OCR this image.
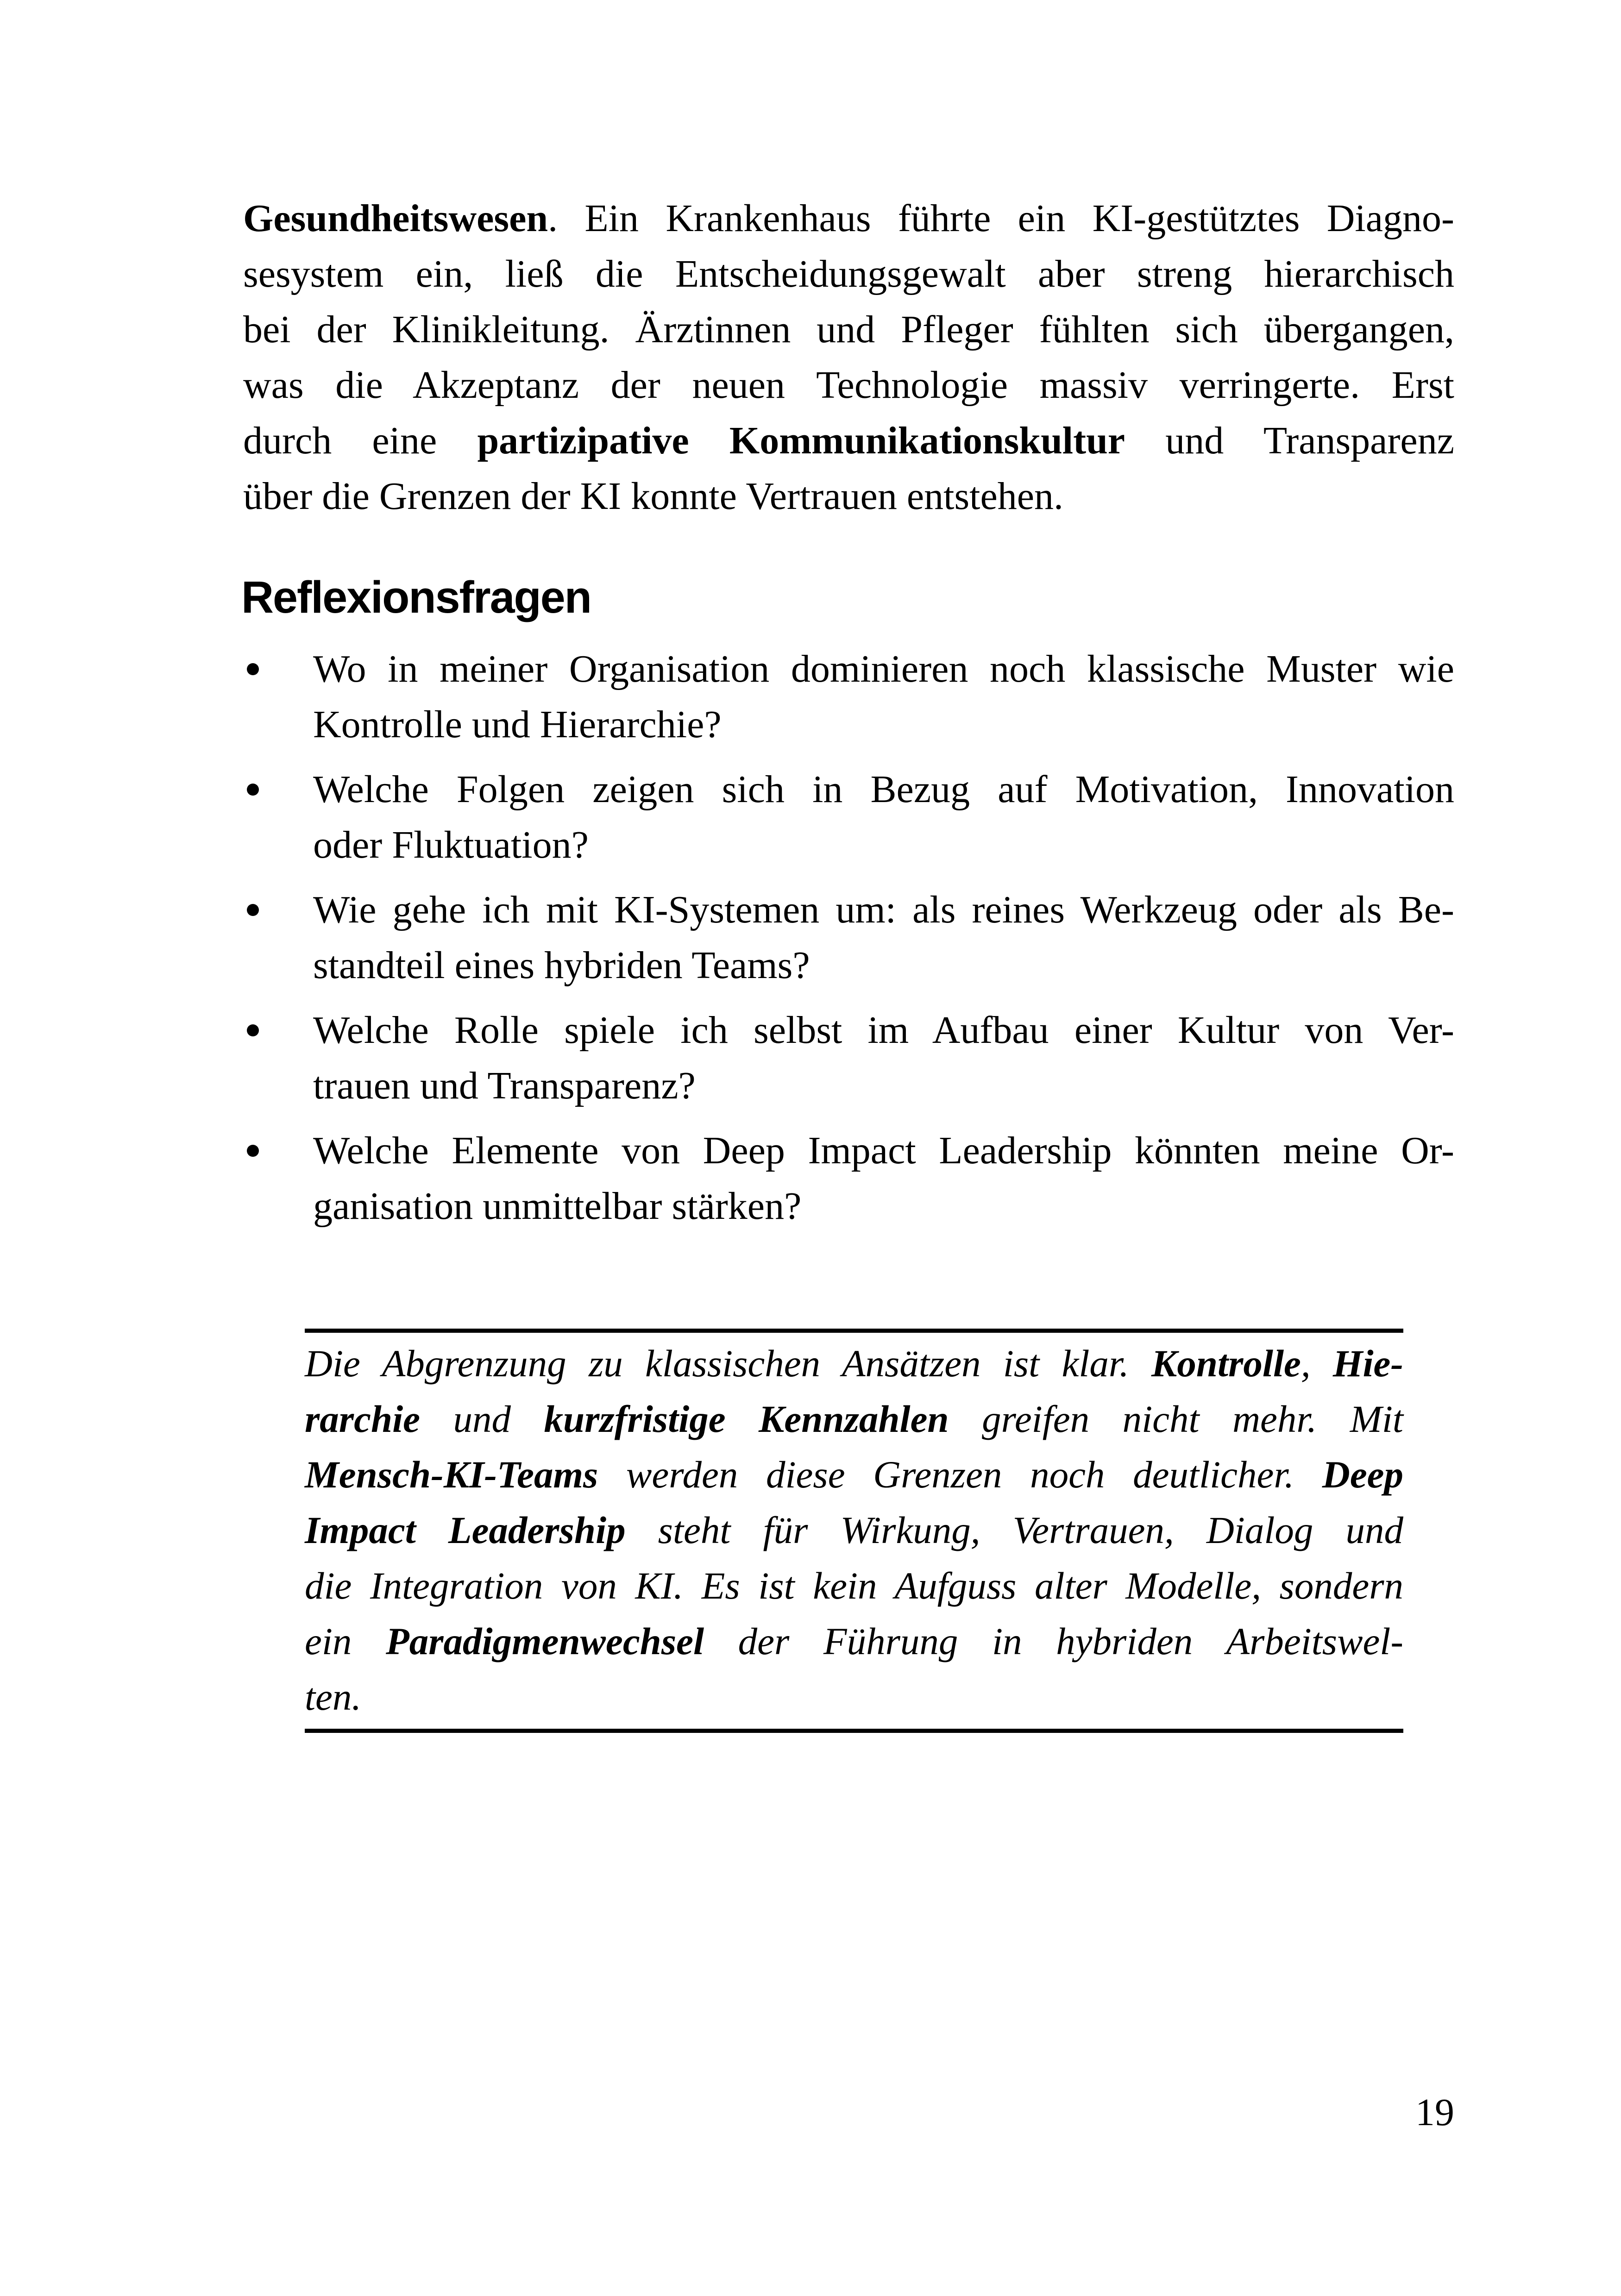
Gesundheitswesen. Ein Krankenhaus führte ein KI-gestütztes Diagno-
sesystem ein, ließ die Entscheidungsgewalt aber streng hierarchisch
bei der Klinikleitung. Ärztinnen und Pfleger fühlten sich übergangen,
was die Akzeptanz der neuen Technologie massiv verringerte. Erst
durch eine partizipative Kommunikationskultur und Transparenz
über die Grenzen der KI konnte Vertrauen entstehen.
Reflexionsfragen
Wo in meiner Organisation dominieren noch klassische Muster wie
Kontrolle und Hierarchie?
Welche Folgen zeigen sich in Bezug auf Motivation, Innovation
oder Fluktuation?
Wie gehe ich mit KI-Systemen um: als reines Werkzeug oder als Be-
standteil eines hybriden Teams?
Welche Rolle spiele ich selbst im Aufbau einer Kultur von Ver-
trauen und Transparenz?
Welche Elemente von Deep Impact Leadership könnten meine Or-
ganisation unmittelbar stärken?
Die Abgrenzung zu klassischen Ansätzen ist klar. Kontrolle, Hie-
rarchie und kurzfristige Kennzahlen greifen nicht mehr. Mit
Mensch-KI-Teams werden diese Grenzen noch deutlicher. Deep
Impact Leadership steht für Wirkung, Vertrauen, Dialog und
die Integration von KI. Es ist kein Aufguss alter Modelle, sondern
ein Paradigmenwechsel der Führung in hybriden Arbeitswel-
ten.
19
